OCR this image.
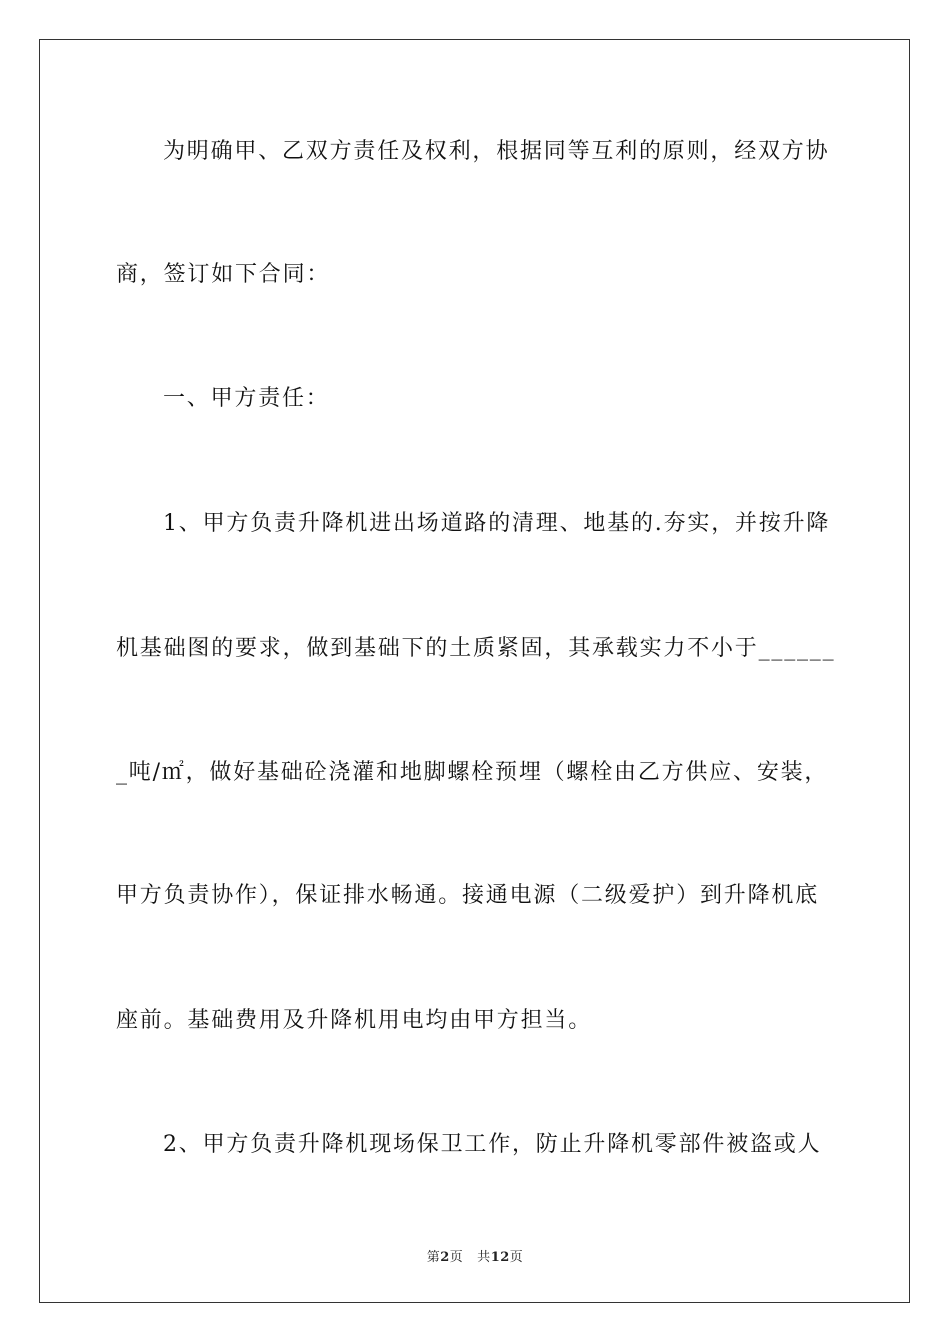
为明确甲、乙双方责任及权利，根据同等互利的原则，经双方协
商，签订如下合同：
一、甲方责任：
1、甲方负责升降机进出场道路的清理、地基的.夯实，并按升降
机基础图的要求，做到基础下的土质紧固，其承载实力不小于______
_吨/㎡，做好基础砼浇灌和地脚螺栓预埋（螺栓由乙方供应、安装，
甲方负责协作），保证排水畅通。接通电源（二级爱护）到升降机底
座前。基础费用及升降机用电均由甲方担当。
2、甲方负责升降机现场保卫工作，防止升降机零部件被盗或人
第2页 共12页
